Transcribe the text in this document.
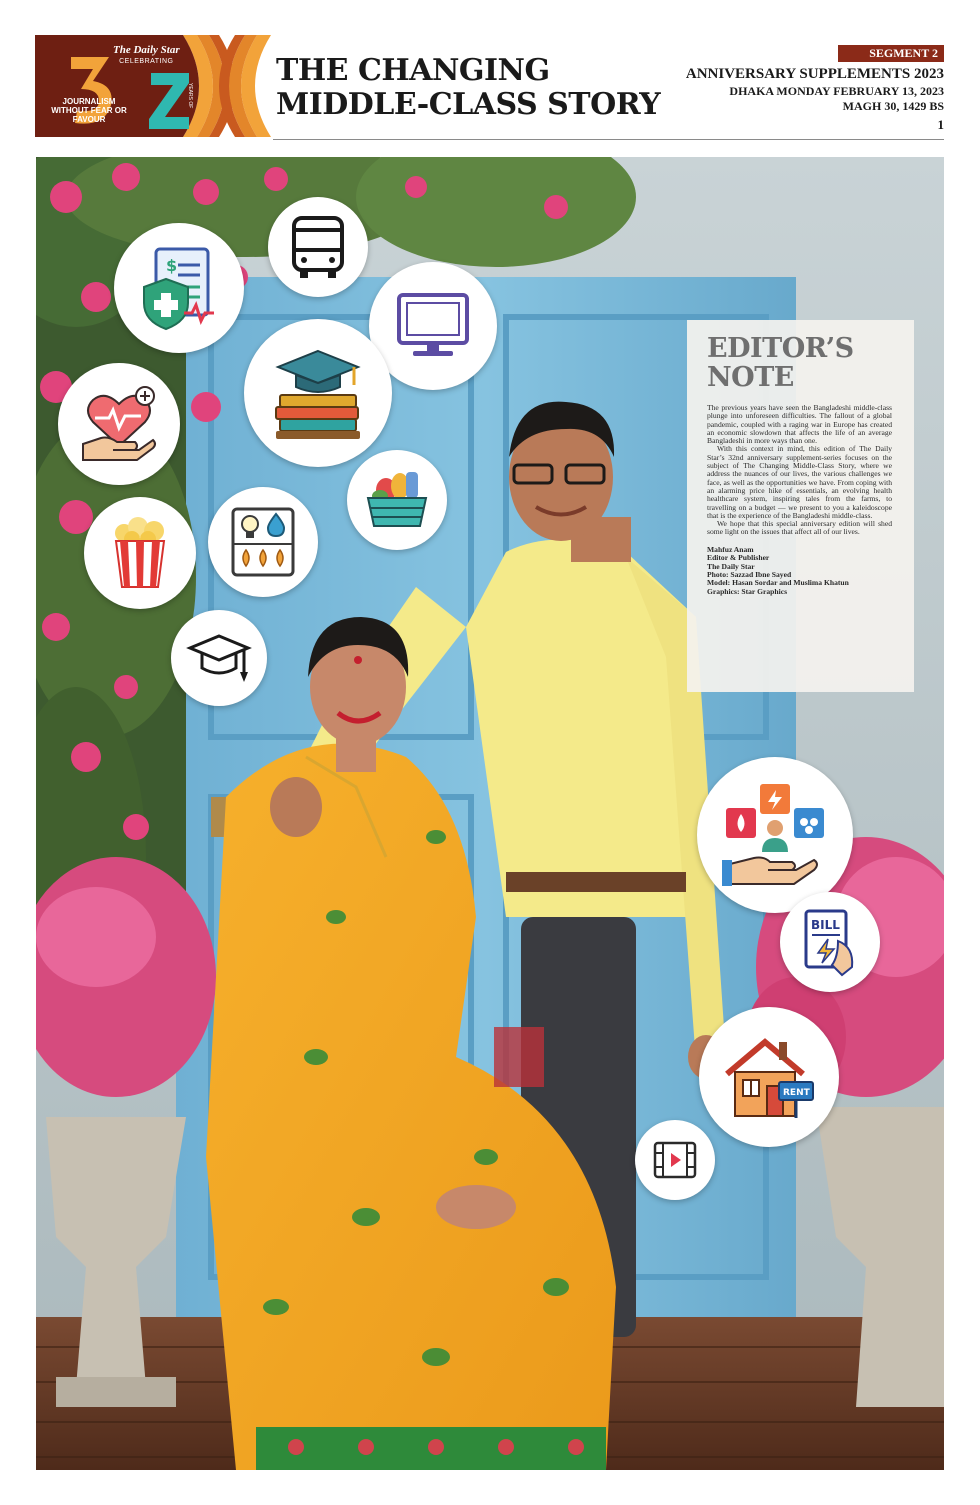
The Daily Star
CELEBRATING
JOURNALISM WITHOUT FEAR OR FAVOUR
YEARS OF
THE CHANGING
MIDDLE-CLASS STORY
SEGMENT 2
ANNIVERSARY SUPPLEMENTS 2023
DHAKA MONDAY FEBRUARY 13, 2023
MAGH 30, 1429 BS
1
$
BILL
RENT
EDITOR’S
NOTE

The previous years have seen the Bangladeshi middle-class plunge into unforeseen difficulties. The fallout of a global pandemic, coupled with a raging war in Europe has created an economic slowdown that affects the life of an average Bangladeshi in more ways than one.

With this context in mind, this edition of The Daily Star’s 32nd anniversary supplement-series focuses on the subject of The Changing Middle-Class Story, where we address the nuances of our lives, the various challenges we face, as well as the opportunities we have. From coping with an alarming price hike of essentials, an evolving health healthcare system, inspiring tales from the farms, to travelling on a budget — we present to you a kaleidoscope that is the experience of the Bangladeshi middle-class.

We hope that this special anniversary edition will shed some light on the issues that affect all of our lives.

Mahfuz Anam
Editor & Publisher
The Daily Star
Photo: Sazzad Ibne Sayed
Model: Hasan Sordar and Muslima Khatun
Graphics: Star Graphics
